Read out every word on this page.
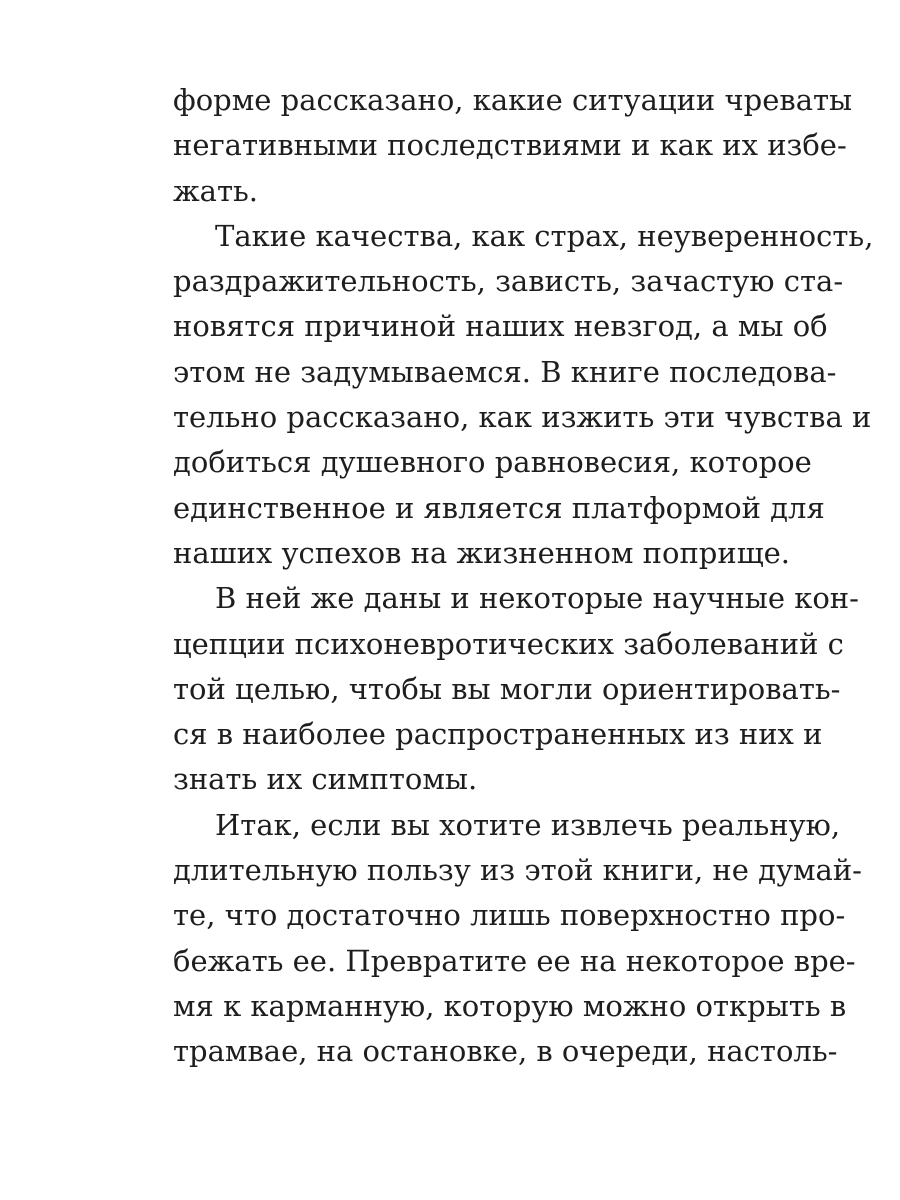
форме рассказано, какие ситуации чреваты
негативными последствиями и как их избе-
жать.
Такие качества, как страх, неуверенность,
раздражительность, зависть, зачастую ста-
новятся причиной наших невзгод, а мы об
этом не задумываемся. В книге последова-
тельно рассказано, как изжить эти чувства и
добиться душевного равновесия, которое
единственное и является платформой для
наших успехов на жизненном поприще.
В ней же даны и некоторые научные кон-
цепции психоневротических заболеваний с
той целью, чтобы вы могли ориентировать-
ся в наиболее распространенных из них и
знать их симптомы.
Итак, если вы хотите извлечь реальную,
длительную пользу из этой книги, не думай-
те, что достаточно лишь поверхностно про-
бежать ее. Превратите ее на некоторое вре-
мя к карманную, которую можно открыть в
трамвае, на остановке, в очереди, настоль-
